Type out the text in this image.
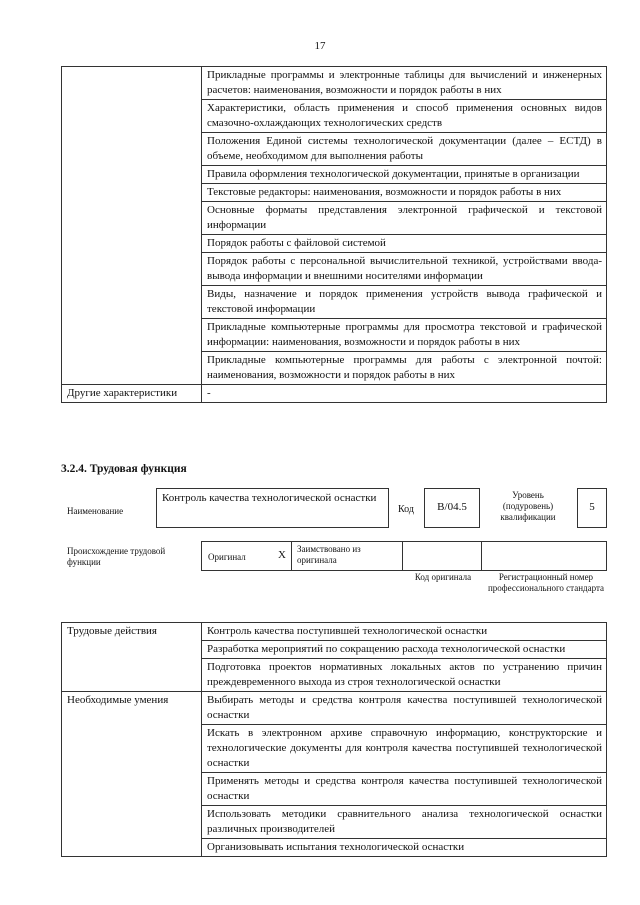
17
	Прикладные программы и электронные таблицы для вычислений и инженерных расчетов: наименования, возможности и порядок работы в них
	Характеристики, область применения и способ применения основных видов смазочно-охлаждающих технологических средств
	Положения Единой системы технологической документации (далее – ЕСТД) в объеме, необходимом для выполнения работы
	Правила оформления технологической документации, принятые в организации
	Текстовые редакторы: наименования, возможности и порядок работы в них
	Основные форматы представления электронной графической и текстовой информации
	Порядок работы с файловой системой
	Порядок работы с персональной вычислительной техникой, устройствами ввода-вывода информации и внешними носителями информации
	Виды, назначение и порядок применения устройств вывода графической и текстовой информации
	Прикладные компьютерные программы для просмотра текстовой и графической информации: наименования, возможности и порядок работы в них
	Прикладные компьютерные программы для работы с электронной почтой: наименования, возможности и порядок работы в них
Другие характеристики	-
3.2.4. Трудовая функция
Наименование
Контроль качества технологической оснастки
Код	В/04.5
Уровень (подуровень) квалификации
5
Происхождение трудовой функции	Оригинал	X Заимствовано из оригинала
Код оригинала	Регистрационный номер профессионального стандарта
Трудовые действия	Контроль качества поступившей технологической оснастки
	Разработка мероприятий по сокращению расхода технологической оснастки
	Подготовка проектов нормативных локальных актов по устранению причин преждевременного выхода из строя технологической оснастки
Необходимые умения	Выбирать методы и средства контроля качества поступившей технологической оснастки
	Искать в электронном архиве справочную информацию, конструкторские и технологические документы для контроля качества поступившей технологической оснастки
	Применять методы и средства контроля качества поступившей технологической оснастки
	Использовать методики сравнительного анализа технологической оснастки различных производителей
	Организовывать испытания технологической оснастки
